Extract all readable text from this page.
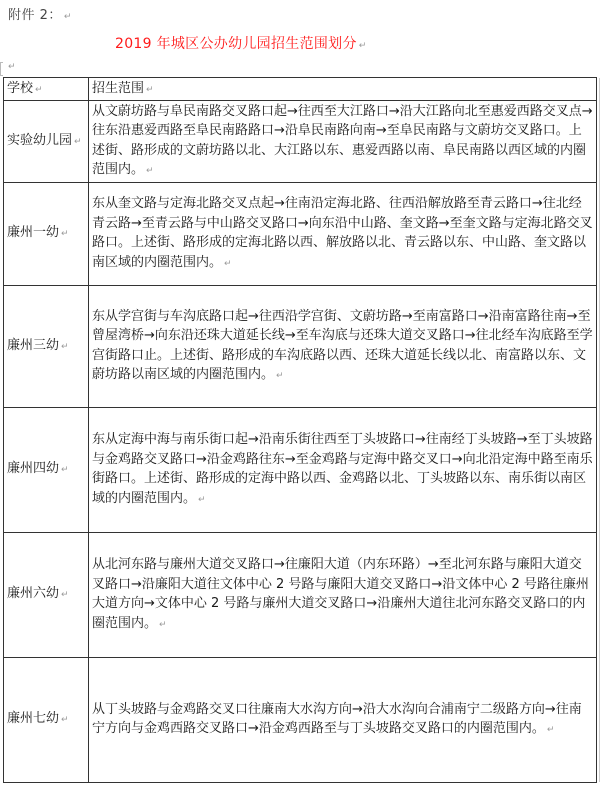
附件 2： ↵
2019 年城区公办幼儿园招生范围划分 ↵
↵
学校 ↵	招生范围 ↵
实验幼儿园 ↵	从文蔚坊路与阜民南路交叉路口起→往西至大江路口→沿大江路向北至惠爱西路交叉点→往东沿惠爱西路至阜民南路路口→沿阜民南路向南→至阜民南路与文蔚坊交叉路口。上述街、路形成的文蔚坊路以北、大江路以东、惠爱西路以南、阜民南路以西区域的内圈范围内。 ↵
廉州一幼 ↵	东从奎文路与定海北路交叉点起→往南沿定海北路、往西沿解放路至青云路口→往北经青云路→至青云路与中山路交叉路口→向东沿中山路、奎文路→至奎文路与定海北路交叉路口。上述街、路形成的定海北路以西、解放路以北、青云路以东、中山路、奎文路以南区域的内圈范围内。 ↵
廉州三幼 ↵	东从学宫街与车沟底路口起→往西沿学宫街、文蔚坊路→至南富路口→沿南富路往南→至曾屋湾桥→向东沿还珠大道延长线→至车沟底与还珠大道交叉路口→往北经车沟底路至学宫街路口止。上述街、路形成的车沟底路以西、还珠大道延长线以北、南富路以东、文蔚坊路以南区域的内圈范围内。 ↵
廉州四幼 ↵	东从定海中海与南乐街口起→沿南乐街往西至丁头坡路口→往南经丁头坡路→至丁头坡路与金鸡路交叉路口→沿金鸡路往东→至金鸡路与定海中路交叉口→向北沿定海中路至南乐街路口。上述街、路形成的定海中路以西、金鸡路以北、丁头坡路以东、南乐街以南区域的内圈范围内。 ↵
廉州六幼 ↵	从北河东路与廉州大道交叉路口→往廉阳大道（内东环路）→至北河东路与廉阳大道交叉路口→沿廉阳大道往文体中心 2 号路与廉阳大道交叉路口→沿文体中心 2 号路往廉州大道方向→文体中心 2 号路与廉州大道交叉路口→沿廉州大道往北河东路交叉路口的内圈范围内。 ↵
廉州七幼 ↵	从丁头坡路与金鸡路交叉口往廉南大水沟方向→沿大水沟向合浦南宁二级路方向→往南宁方向与金鸡西路交叉路口→沿金鸡西路至与丁头坡路交叉路口的内圈范围内。 ↵
